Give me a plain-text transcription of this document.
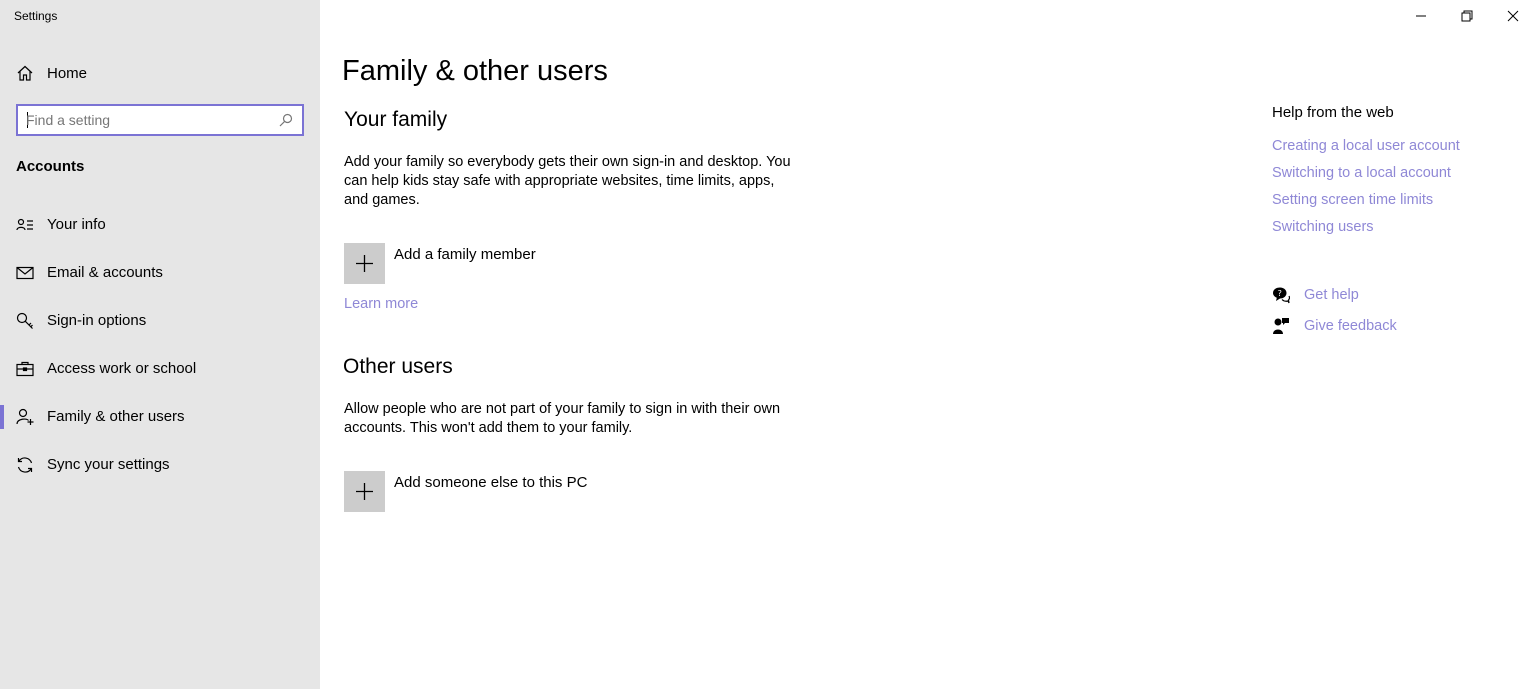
Settings
Home
Find a setting
Accounts
Your info
Email & accounts
Sign-in options
Access work or school
Family & other users
Sync your settings
Family & other users
Your family
Add your family so everybody gets their own sign-in and desktop. You can help kids stay safe with appropriate websites, time limits, apps, and games.
Add a family member
Learn more
Other users
Allow people who are not part of your family to sign in with their own accounts. This won't add them to your family.
Add someone else to this PC
Help from the web
Creating a local user account
Switching to a local account
Setting screen time limits
Switching users
? Get help
Give feedback
